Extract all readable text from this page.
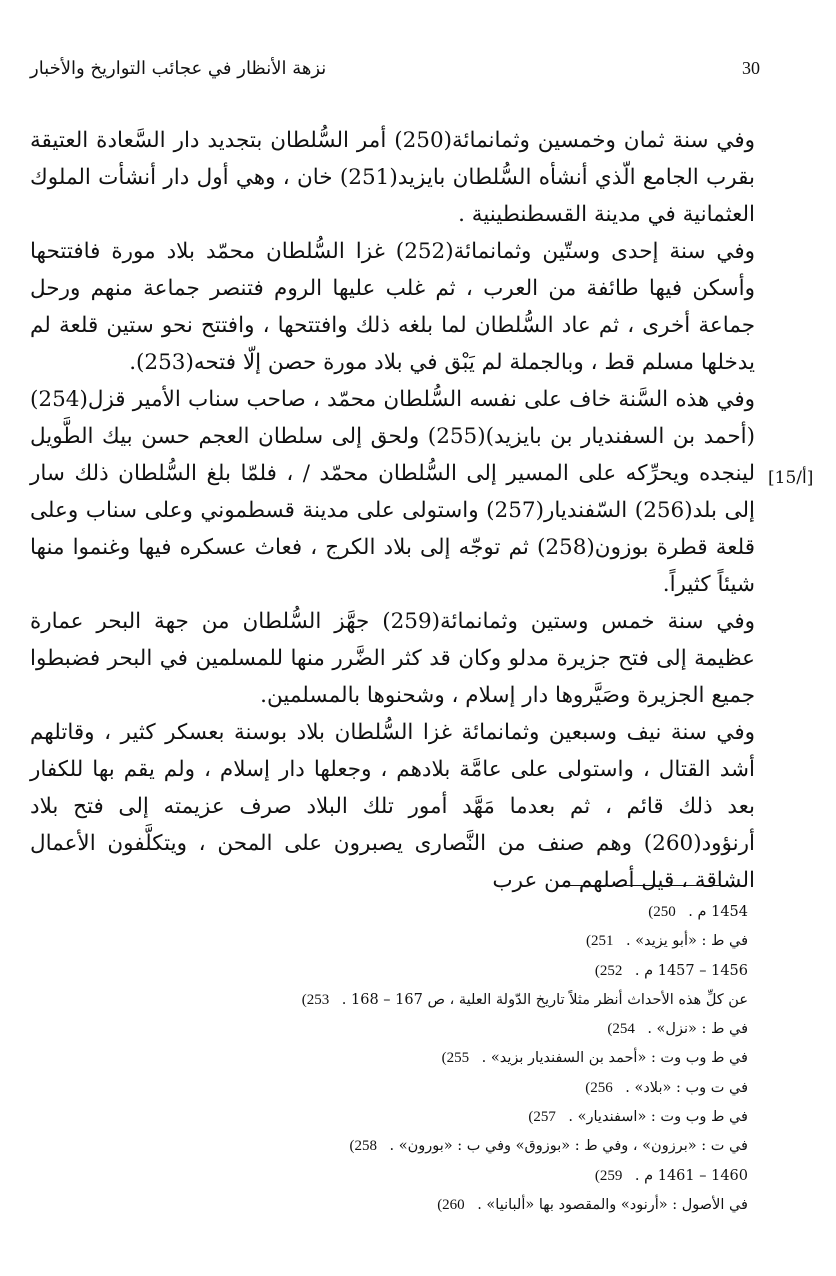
نزهة الأنظار في عجائب التواريخ والأخبار	30

وفي سنة ثمان وخمسين وثمانمائة(250) أمر السُّلطان بتجديد دار السَّعادة العتيقة بقرب الجامع الّذي أنشأه السُّلطان بايزيد(251) خان ، وهي أول دار أنشأت الملوك العثمانية في مدينة القسطنطينية .

وفي سنة إحدى وستّين وثمانمائة(252) غزا السُّلطان محمّد بلاد مورة فافتتحها وأسكن فيها طائفة من العرب ، ثم غلب عليها الروم فتنصر جماعة منهم ورحل جماعة أخرى ، ثم عاد السُّلطان لما بلغه ذلك وافتتحها ، وافتتح نحو ستين قلعة لم يدخلها مسلم قط ، وبالجملة لم يَبْق في بلاد مورة حصن إلّا فتحه(253).

وفي هذه السَّنة خاف على نفسه السُّلطان محمّد ، صاحب سناب الأمير قزل(254) (أحمد بن السفنديار بن بايزيد)(255) ولحق إلى سلطان العجم حسن بيك الطَّويل لينجده ويحرِّكه على المسير إلى السُّلطان محمّد / ، فلمّا بلغ السُّلطان ذلك سار إلى بلد(256) السّفنديار(257) واستولى على مدينة قسطموني وعلى سناب وعلى قلعة قطرة بوزون(258) ثم توجّه إلى بلاد الكرج ، فعاث عسكره فيها وغنموا منها شيئاً كثيراً.

وفي سنة خمس وستين وثمانمائة(259) جهَّز السُّلطان من جهة البحر عمارة عظيمة إلى فتح جزيرة مدلو وكان قد كثر الضَّرر منها للمسلمين في البحر فضبطوا جميع الجزيرة وصَيَّروها دار إسلام ، وشحنوها بالمسلمين.

وفي سنة نيف وسبعين وثمانمائة غزا السُّلطان بلاد بوسنة بعسكر كثير ، وقاتلهم أشد القتال ، واستولى على عامَّة بلادهم ، وجعلها دار إسلام ، ولم يقم بها للكفار بعد ذلك قائم ، ثم بعدما مَهَّد أمور تلك البلاد صرف عزيمته إلى فتح بلاد أرنؤود(260) وهم صنف من النَّصارى يصبرون على المحن ، ويتكلَّفون الأعمال الشاقة ، قيل أصلهم من عرب

[15/أ]
1454 م .
(250
في ط : «أبو يزيد» .
(251
1456 – 1457 م .
(252
عن كلِّ هذه الأحداث أنظر مثلاً تاريخ الدّولة العلية ، ص 167 – 168 .
(253
في ط : «نزل» .
(254
في ط وب وت : «أحمد بن السفنديار بزيد» .
(255
في ت وب : «بلاد» .
(256
في ط وب وت : «اسفنديار» .
(257
في ت : «برزون» ، وفي ط : «بوزوق» وفي ب : «بورون» .
(258
1460 – 1461 م .
(259
في الأصول : «أرنود» والمقصود بها «ألبانيا» .
(260
